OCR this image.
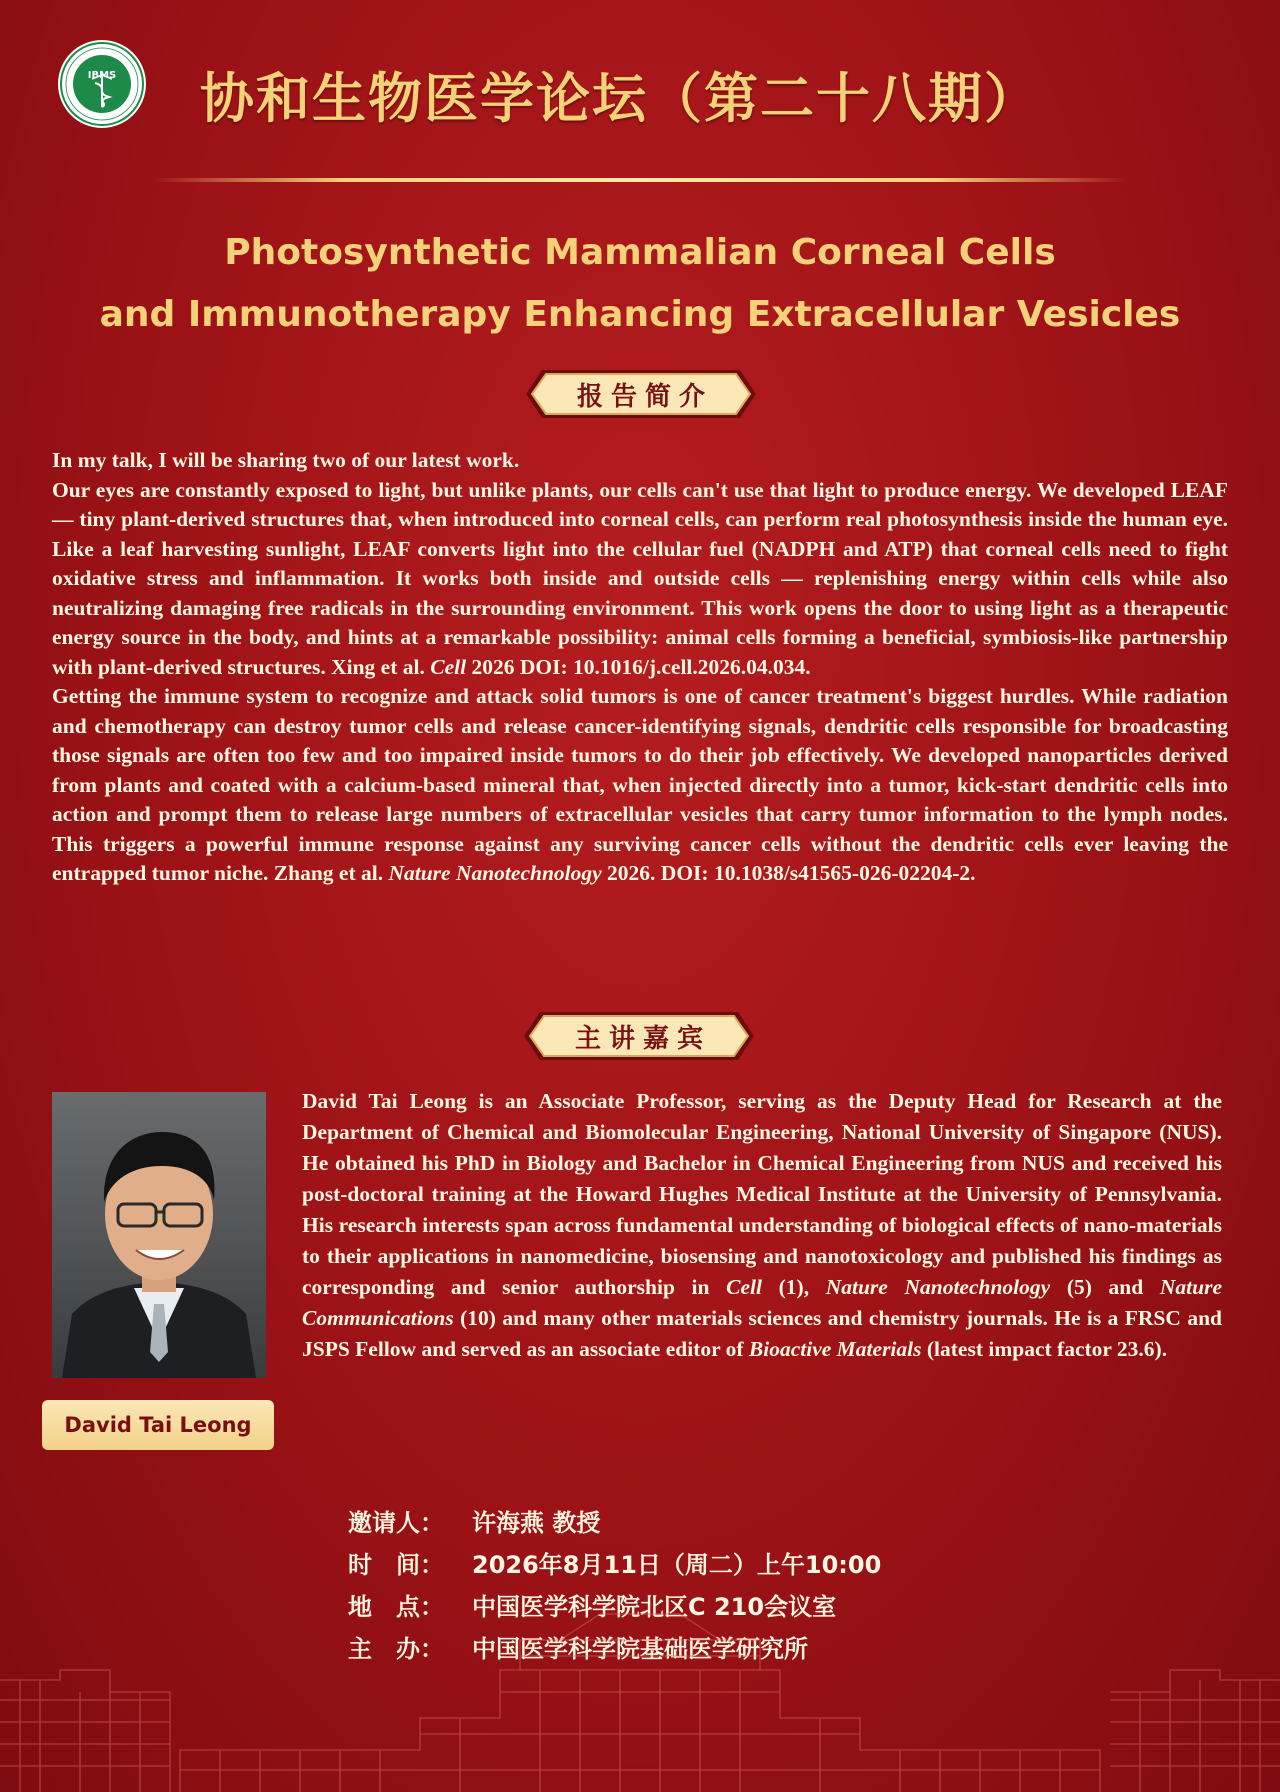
IBMS	协和生物医学论坛（第二十八期）
Photosynthetic Mammalian Corneal Cells
and Immunotherapy Enhancing Extracellular Vesicles
报告简介

In my talk, I will be sharing two of our latest work.

Our eyes are constantly exposed to light, but unlike plants, our cells can't use that light to produce energy. We developed LEAF — tiny plant-derived structures that, when introduced into corneal cells, can perform real photosynthesis inside the human eye. Like a leaf harvesting sunlight, LEAF converts light into the cellular fuel (NADPH and ATP) that corneal cells need to fight oxidative stress and inflammation. It works both inside and outside cells — replenishing energy within cells while also neutralizing damaging free radicals in the surrounding environment. This work opens the door to using light as a therapeutic energy source in the body, and hints at a remarkable possibility: animal cells forming a beneficial, symbiosis-like partnership with plant-derived structures. Xing et al. Cell 2026 DOI: 10.1016/j.cell.2026.04.034.

Getting the immune system to recognize and attack solid tumors is one of cancer treatment's biggest hurdles. While radiation and chemotherapy can destroy tumor cells and release cancer-identifying signals, dendritic cells responsible for broadcasting those signals are often too few and too impaired inside tumors to do their job effectively. We developed nanoparticles derived from plants and coated with a calcium-based mineral that, when injected directly into a tumor, kick-start dendritic cells into action and prompt them to release large numbers of extracellular vesicles that carry tumor information to the lymph nodes. This triggers a powerful immune response against any surviving cancer cells without the dendritic cells ever leaving the entrapped tumor niche. Zhang et al. Nature Nanotechnology 2026. DOI: 10.1038/s41565-026-02204-2.

主讲嘉宾
David Tai Leong

David Tai Leong is an Associate Professor, serving as the Deputy Head for Research at the Department of Chemical and Biomolecular Engineering, National University of Singapore (NUS). He obtained his PhD in Biology and Bachelor in Chemical Engineering from NUS and received his post-doctoral training at the Howard Hughes Medical Institute at the University of Pennsylvania. His research interests span across fundamental understanding of biological effects of nano-materials to their applications in nanomedicine, biosensing and nanotoxicology and published his findings as corresponding and senior authorship in Cell (1), Nature Nanotechnology (5) and Nature Communications (10) and many other materials sciences and chemistry journals. He is a FRSC and JSPS Fellow and served as an associate editor of Bioactive Materials (latest impact factor 23.6).

邀请人：	许海燕 教授
时　间：	2026年8月11日（周二）上午10:00
地　点：	中国医学科学院北区C 210会议室
主　办：	中国医学科学院基础医学研究所
